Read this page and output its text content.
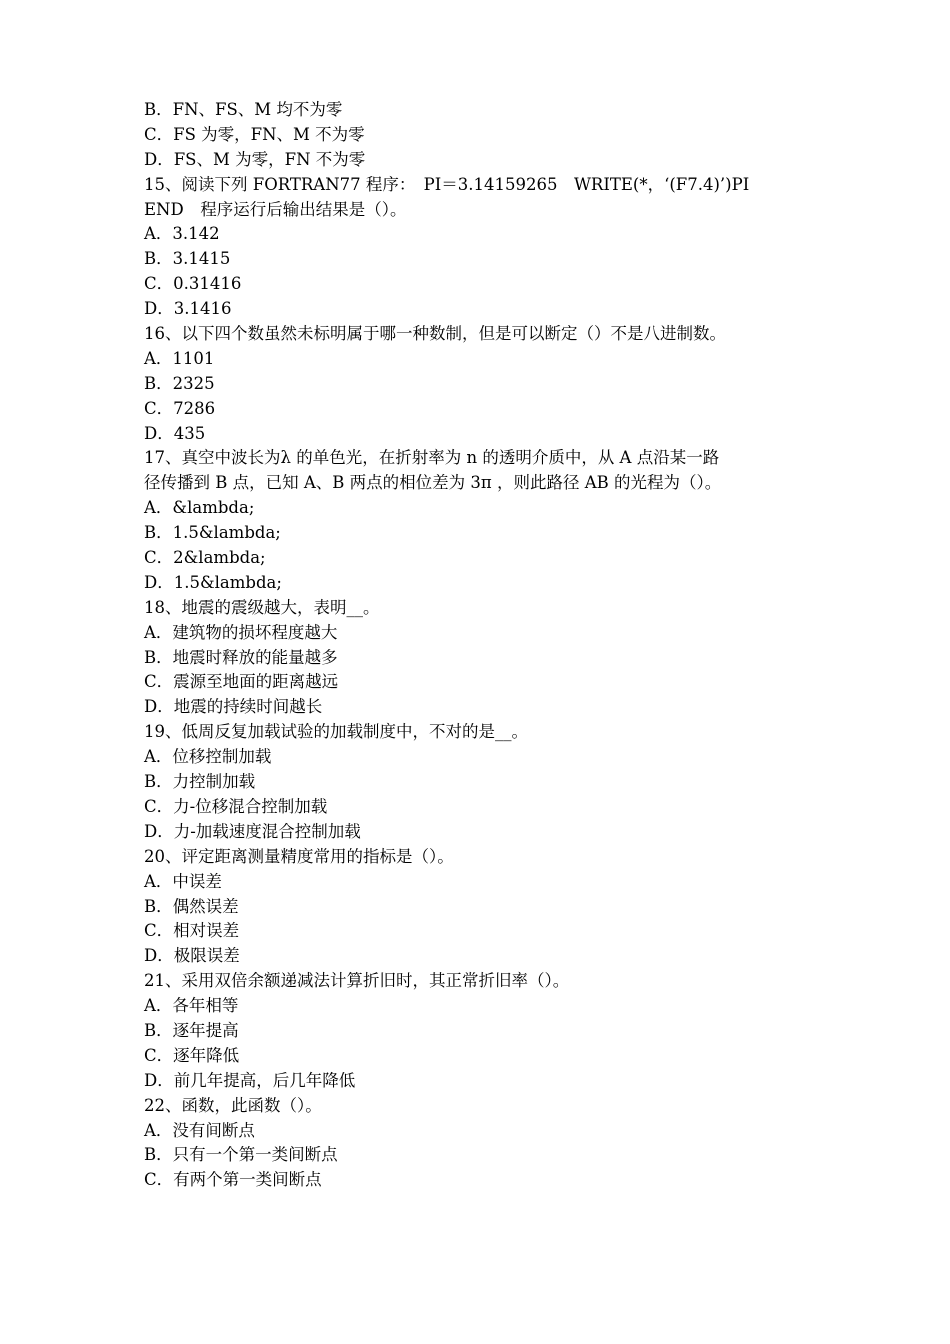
B．FN、FS、M 均不为零
C．FS 为零，FN、M 不为零
D．FS、M 为零，FN 不为零
15、阅读下列 FORTRAN77 程序：　PI＝3.14159265　WRITE(*，‘(F7.4)’)PI
END　程序运行后输出结果是（）。
A．3.142
B．3.1415
C．0.31416
D．3.1416
16、以下四个数虽然未标明属于哪一种数制，但是可以断定（）不是八进制数。
A．1101
B．2325
C．7286
D．435
17、真空中波长为λ 的单色光，在折射率为 n 的透明介质中，从 A 点沿某一路
径传播到 B 点，已知 A、B 两点的相位差为 3π ，则此路径 AB 的光程为（）。
A．&lambda;
B．1.5&lambda;
C．2&lambda;
D．1.5&lambda;
18、地震的震级越大，表明__。
A．建筑物的损坏程度越大
B．地震时释放的能量越多
C．震源至地面的距离越远
D．地震的持续时间越长
19、低周反复加载试验的加载制度中，不对的是__。
A．位移控制加载
B．力控制加载
C．力-位移混合控制加载
D．力-加载速度混合控制加载
20、评定距离测量精度常用的指标是（）。
A．中误差
B．偶然误差
C．相对误差
D．极限误差
21、采用双倍余额递减法计算折旧时，其正常折旧率（）。
A．各年相等
B．逐年提高
C．逐年降低
D．前几年提高，后几年降低
22、函数，此函数（）。
A．没有间断点
B．只有一个第一类间断点
C．有两个第一类间断点
